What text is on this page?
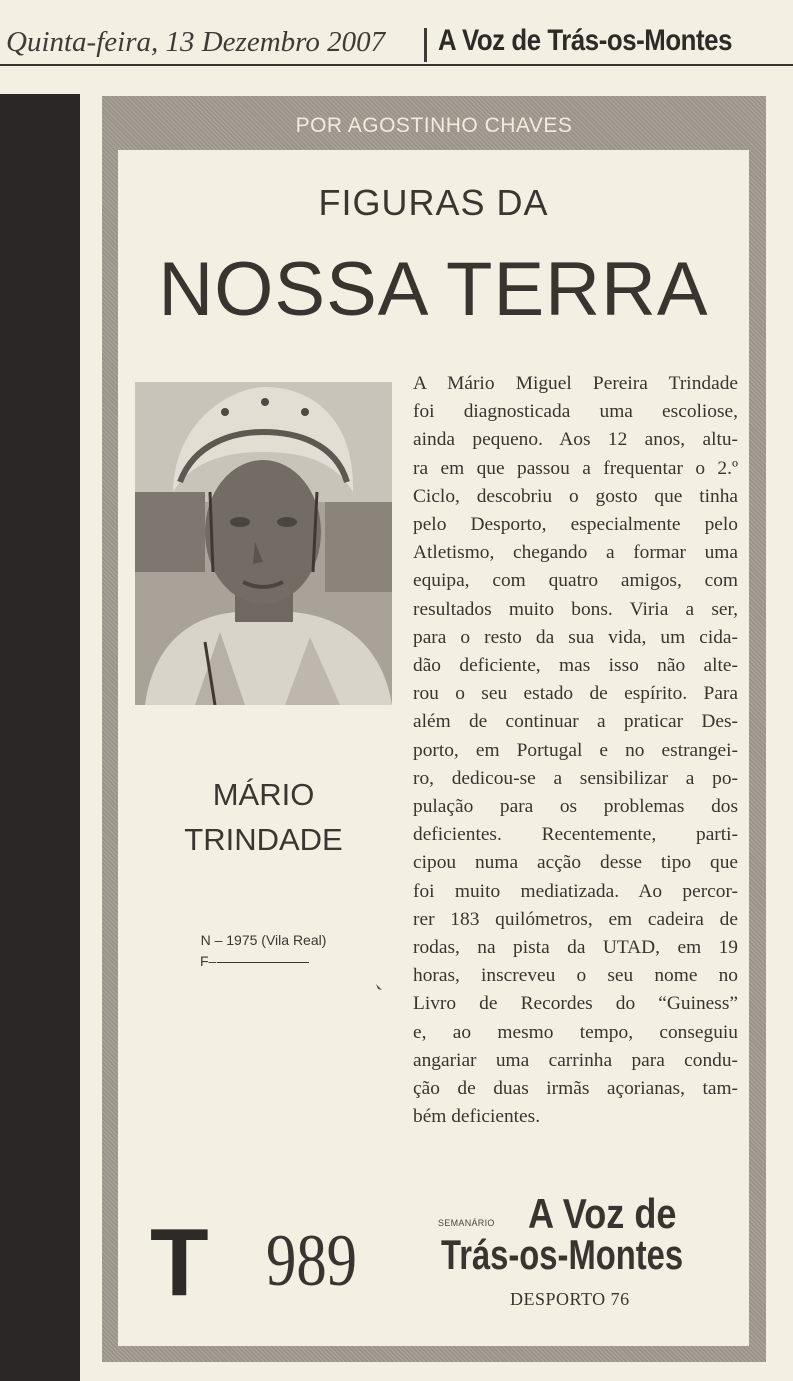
Quinta-feira, 13 Dezembro 2007 A Voz de Trás-os-Montes
POR AGOSTINHO CHAVES
FIGURAS DA
NOSSA TERRA
MÁRIO
TRINDADE
N – 1975 (Vila Real)
F–
A Mário Miguel Pereira Trindade
foi diagnosticada uma escoliose,
ainda pequeno. Aos 12 anos, altu-
ra em que passou a frequentar o 2.º
Ciclo, descobriu o gosto que tinha
pelo Desporto, especialmente pelo
Atletismo, chegando a formar uma
equipa, com quatro amigos, com
resultados muito bons. Viria a ser,
para o resto da sua vida, um cida-
dão deficiente, mas isso não alte-
rou o seu estado de espírito. Para
além de continuar a praticar Des-
porto, em Portugal e no estrangei-
ro, dedicou-se a sensibilizar a po-
pulação para os problemas dos
deficientes. Recentemente, parti-
cipou numa acção desse tipo que
foi muito mediatizada. Ao percor-
rer 183 quilómetros, em cadeira de
rodas, na pista da UTAD, em 19
horas, inscreveu o seu nome no
Livro de Recordes do “Guiness”
e, ao mesmo tempo, conseguiu
angariar uma carrinha para condu-
ção de duas irmãs açorianas, tam-
bém deficientes.
T 989	SEMANÁRIO A Voz de
Trás-os-Montes
DESPORTO 76
